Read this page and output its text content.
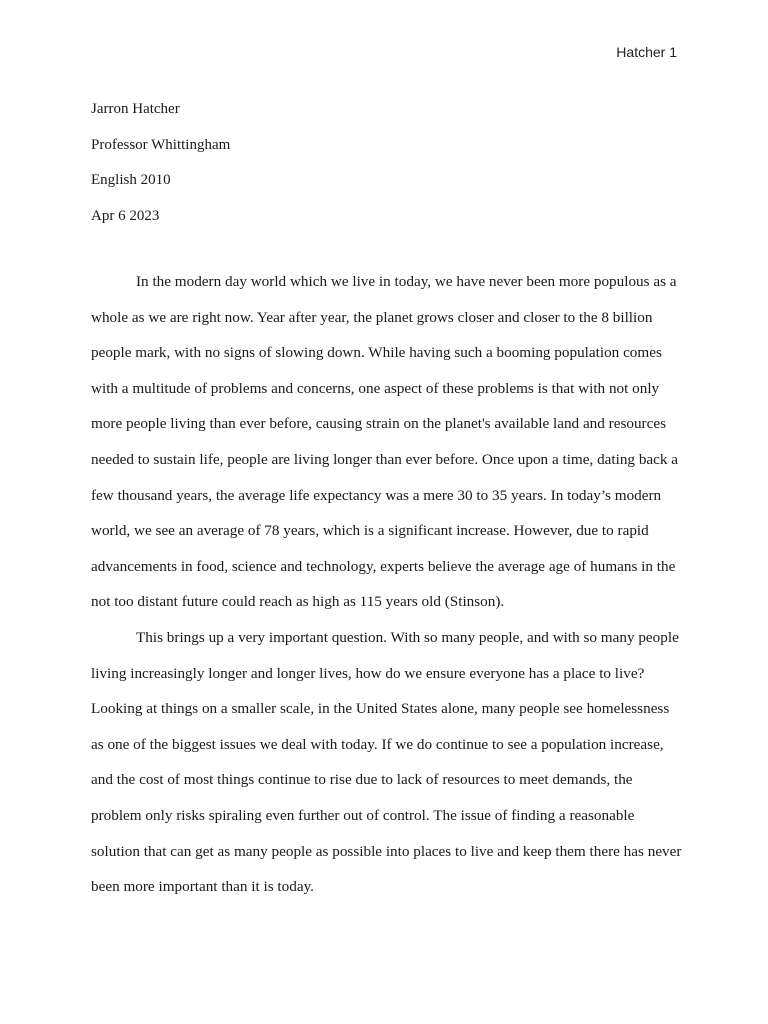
Hatcher 1
Jarron Hatcher
Professor Whittingham
English 2010
Apr 6 2023

In the modern day world which we live in today, we have never been more populous as a
whole as we are right now. Year after year, the planet grows closer and closer to the 8 billion
people mark, with no signs of slowing down. While having such a booming population comes
with a multitude of problems and concerns, one aspect of these problems is that with not only
more people living than ever before, causing strain on the planet's available land and resources
needed to sustain life, people are living longer than ever before. Once upon a time, dating back a
few thousand years, the average life expectancy was a mere 30 to 35 years. In today’s modern
world, we see an average of 78 years, which is a significant increase. However, due to rapid
advancements in food, science and technology, experts believe the average age of humans in the
not too distant future could reach as high as 115 years old (Stinson).

This brings up a very important question. With so many people, and with so many people
living increasingly longer and longer lives, how do we ensure everyone has a place to live?
Looking at things on a smaller scale, in the United States alone, many people see homelessness
as one of the biggest issues we deal with today. If we do continue to see a population increase,
and the cost of most things continue to rise due to lack of resources to meet demands, the
problem only risks spiraling even further out of control. The issue of finding a reasonable
solution that can get as many people as possible into places to live and keep them there has never
been more important than it is today.
